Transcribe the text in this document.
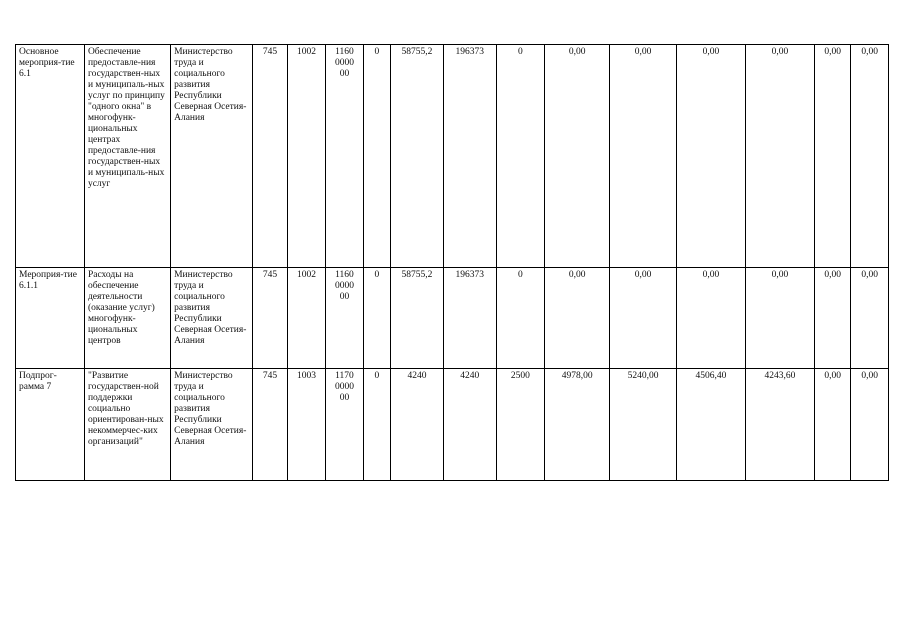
Основное мероприя-тие 6.1	Обеспечение предоставле-ния государствен-ных и муниципаль-ных услуг по принципу "одного окна" в многофунк-циональных центрах предоставле-ния государствен-ных и муниципаль-ных услуг	Министерство труда и социального развития Республики Северная Осетия-Алания	745	1002	1160
0000
00	0	58755,2	196373	0	0,00	0,00	0,00	0,00	0,00	0,00
Мероприя-тие 6.1.1	Расходы на обеспечение деятельности (оказание услуг) многофунк-циональных центров	Министерство труда и социального развития Республики Северная Осетия-Алания	745	1002	1160
0000
00	0	58755,2	196373	0	0,00	0,00	0,00	0,00	0,00	0,00
Подпрог-рамма 7	"Развитие государствен-ной поддержки социально ориентирован-ных некоммерчес-ких организаций"	Министерство труда и социального развития Республики Северная Осетия-Алания	745	1003	1170
0000
00	0	4240	4240	2500	4978,00	5240,00	4506,40	4243,60	0,00	0,00
